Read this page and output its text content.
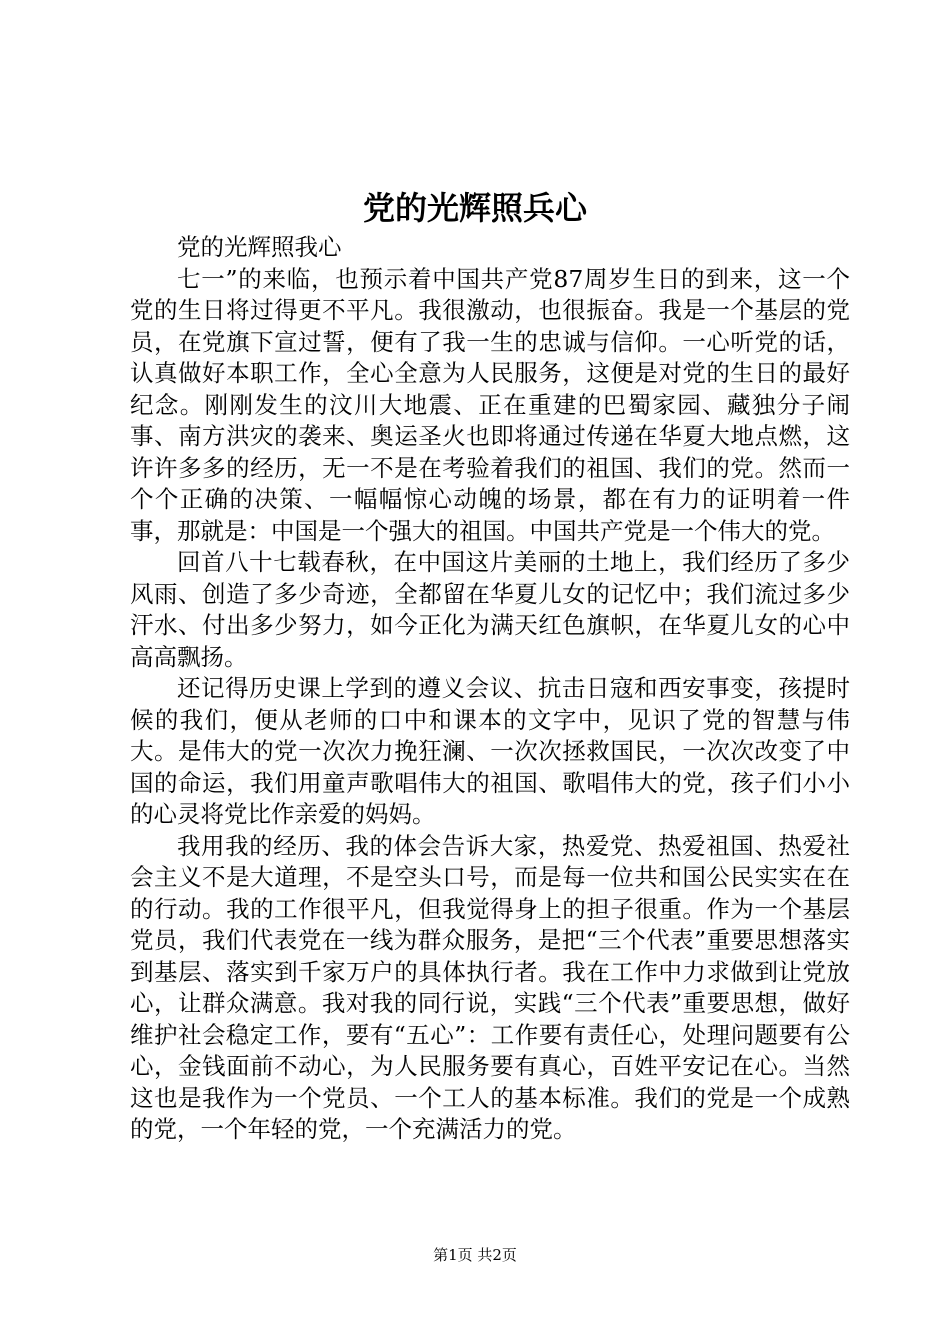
党的光辉照兵心

党的光辉照我心

七一”的来临，也预示着中国共产党87周岁生日的到来，这一个党的生日将过得更不平凡。我很激动，也很振奋。我是一个基层的党员，在党旗下宣过誓，便有了我一生的忠诚与信仰。一心听党的话，认真做好本职工作，全心全意为人民服务，这便是对党的生日的最好纪念。刚刚发生的汶川大地震、正在重建的巴蜀家园、藏独分子闹事、南方洪灾的袭来、奥运圣火也即将通过传递在华夏大地点燃，这许许多多的经历，无一不是在考验着我们的祖国、我们的党。然而一个个正确的决策、一幅幅惊心动魄的场景，都在有力的证明着一件事，那就是：中国是一个强大的祖国。中国共产党是一个伟大的党。

回首八十七载春秋，在中国这片美丽的土地上，我们经历了多少风雨、创造了多少奇迹，全都留在华夏儿女的记忆中；我们流过多少汗水、付出多少努力，如今正化为满天红色旗帜，在华夏儿女的心中高高飘扬。

还记得历史课上学到的遵义会议、抗击日寇和西安事变，孩提时候的我们，便从老师的口中和课本的文字中，见识了党的智慧与伟大。是伟大的党一次次力挽狂澜、一次次拯救国民，一次次改变了中国的命运，我们用童声歌唱伟大的祖国、歌唱伟大的党，孩子们小小的心灵将党比作亲爱的妈妈。

我用我的经历、我的体会告诉大家，热爱党、热爱祖国、热爱社会主义不是大道理，不是空头口号，而是每一位共和国公民实实在在的行动。我的工作很平凡，但我觉得身上的担子很重。作为一个基层党员，我们代表党在一线为群众服务，是把“三个代表”重要思想落实到基层、落实到千家万户的具体执行者。我在工作中力求做到让党放心，让群众满意。我对我的同行说，实践“三个代表”重要思想，做好维护社会稳定工作，要有“五心”：工作要有责任心，处理问题要有公心，金钱面前不动心，为人民服务要有真心，百姓平安记在心。当然这也是我作为一个党员、一个工人的基本标准。我们的党是一个成熟的党，一个年轻的党，一个充满活力的党。

第1页 共2页
